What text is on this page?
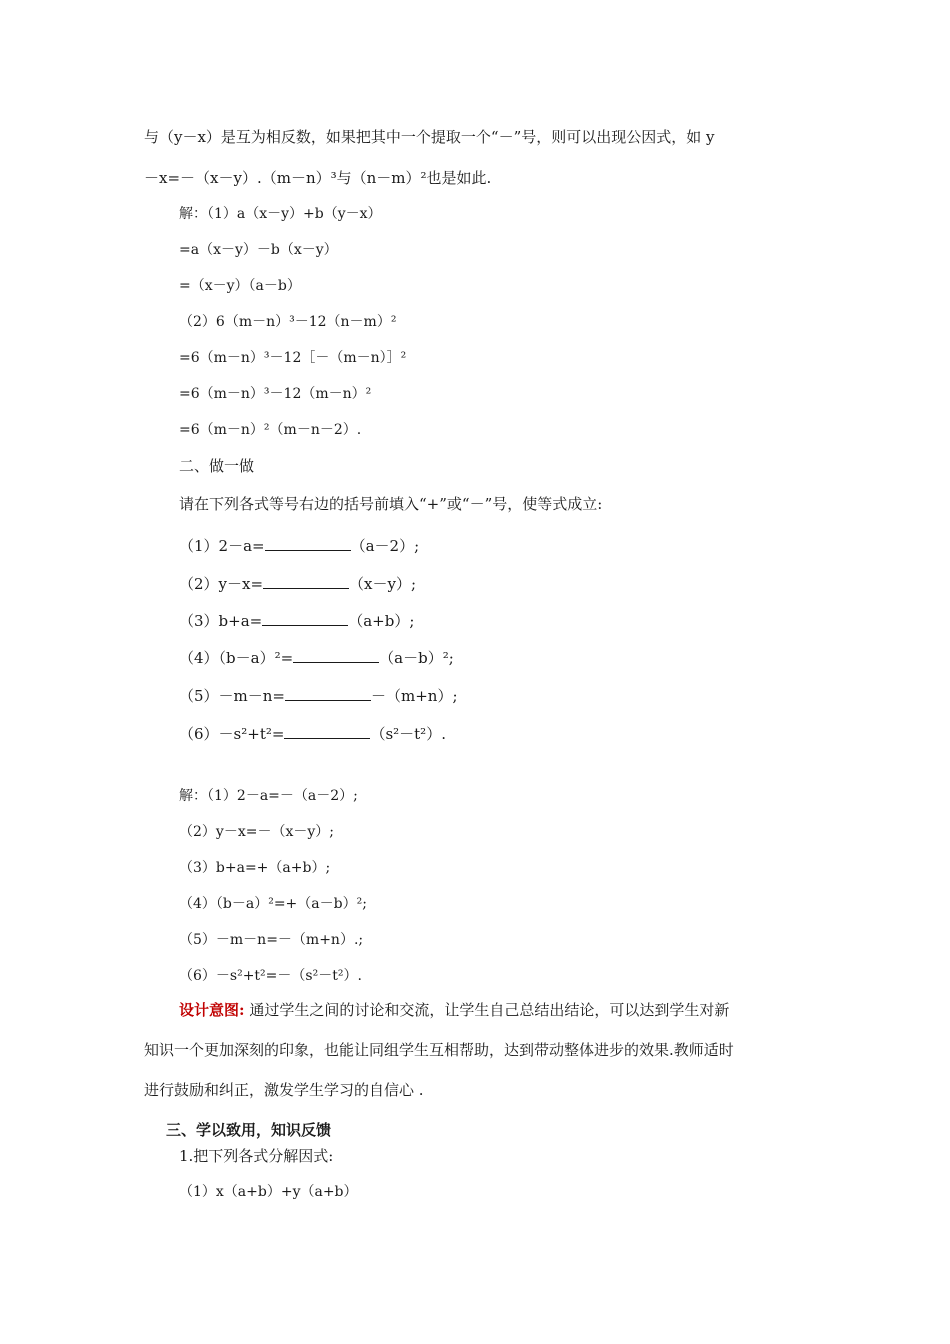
与（y－x）是互为相反数，如果把其中一个提取一个“－”号，则可以出现公因式，如 y
－x=－（x－y）.（m－n）³与（n－m）²也是如此.
解：（1）a（x－y）+b（y－x）
=a（x－y）－b（x－y）
=（x－y）（a－b）
（2）6（m－n）³－12（n－m）²
=6（m－n）³－12［－（m－n）］²
=6（m－n）³－12（m－n）²
=6（m－n）²（m－n－2）.
二、做一做
请在下列各式等号右边的括号前填入“+”或“－”号，使等式成立:
（1）2－a=	（a－2）;
（2）y－x=	（x－y）;
（3）b+a=	（a+b）;
（4）（b－a）²=	（a－b）²;
（5）－m－n=	－（m+n）;
（6）－s²+t²=	（s²－t²）.
解：（1）2－a=－（a－2）;
（2）y－x=－（x－y）;
（3）b+a=+（a+b）;
（4）（b－a）²=+（a－b）²;
（5）－m－n=－（m+n）.;
（6）－s²+t²=－（s²－t²）.
设计意图: 通过学生之间的讨论和交流，让学生自己总结出结论，可以达到学生对新
知识一个更加深刻的印象，也能让同组学生互相帮助，达到带动整体进步的效果.教师适时
进行鼓励和纠正，激发学生学习的自信心 .
三、学以致用，知识反馈
1.把下列各式分解因式:
（1）x（a+b）+y（a+b）
